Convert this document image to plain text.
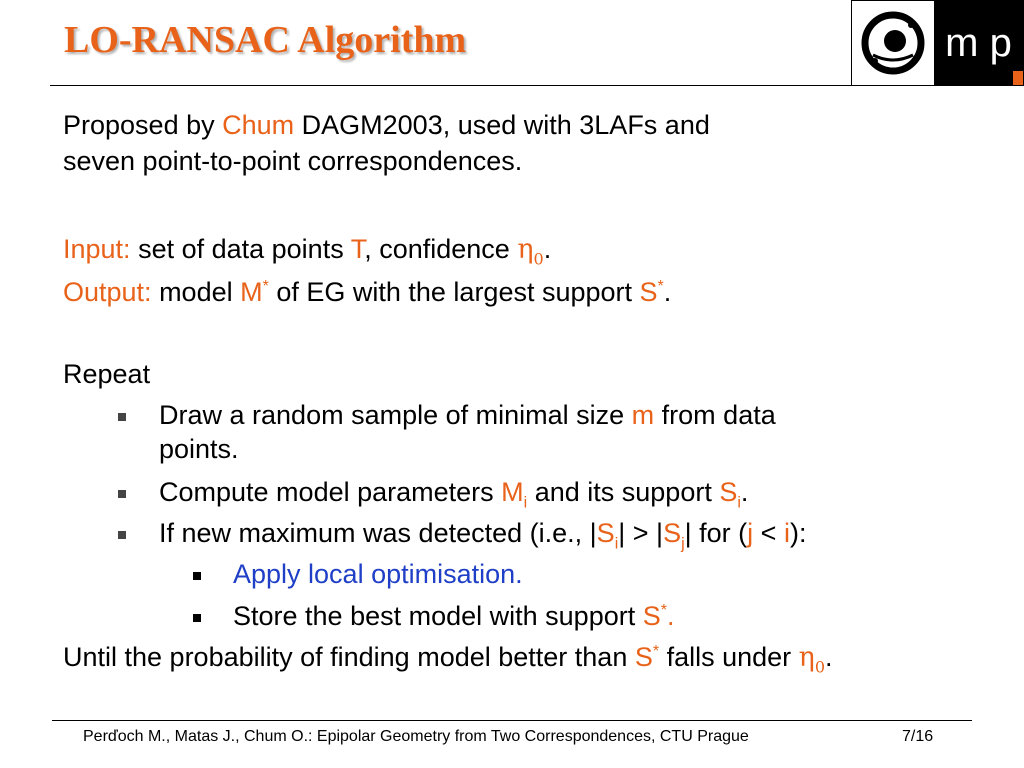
LO-RANSAC Algorithm	m p

Proposed by Chum DAGM2003, used with 3LAFs and

seven point-to-point correspondences.

Input: set of data points T, confidence $\eta_0$.

Output: model M* of EG with the largest support S*.

Repeat

Draw a random sample of minimal size m from data

points.

Compute model parameters $M_i$ and its support $S_i$.

If new maximum was detected (i.e., $|S_i| > |S_j|$ for (j < i):

Apply local optimisation.

Store the best model with support S*.

Until the probability of finding model better than S* falls under $\eta_0$.

Perďoch M., Matas J., Chum O.: Epipolar Geometry from Two Correspondences, CTU Prague	7/16
